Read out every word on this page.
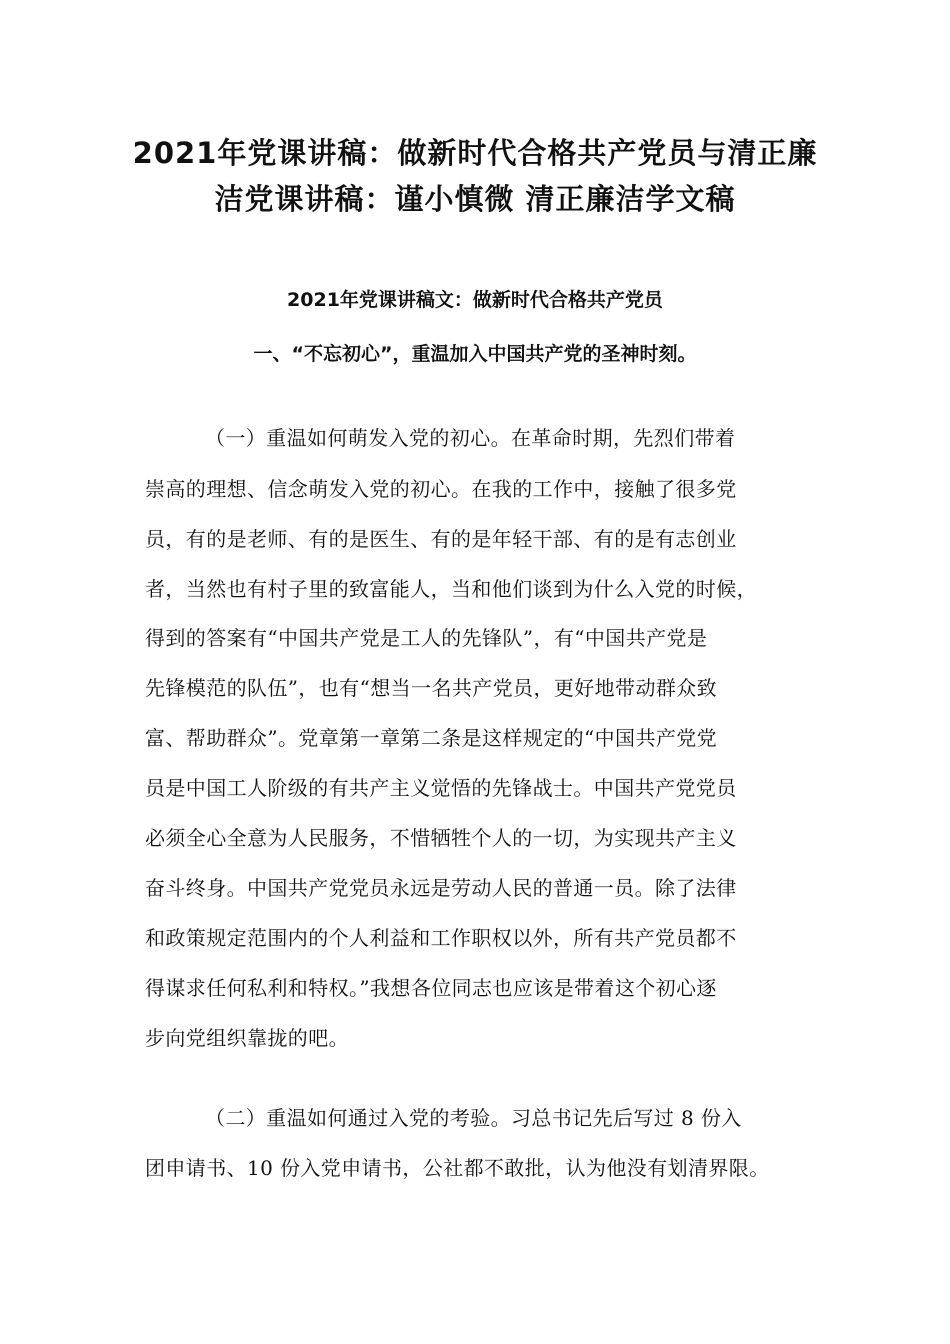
2021年党课讲稿：做新时代合格共产党员与清正廉
洁党课讲稿：谨小慎微 清正廉洁学文稿
2021年党课讲稿文：做新时代合格共产党员
一、“不忘初心”，重温加入中国共产党的圣神时刻。
（一）重温如何萌发入党的初心。在革命时期，先烈们带着
崇高的理想、信念萌发入党的初心。在我的工作中，接触了很多党
员，有的是老师、有的是医生、有的是年轻干部、有的是有志创业
者，当然也有村子里的致富能人，当和他们谈到为什么入党的时候，
得到的答案有“中国共产党是工人的先锋队”，有“中国共产党是
先锋模范的队伍”，也有“想当一名共产党员，更好地带动群众致
富、帮助群众”。党章第一章第二条是这样规定的“中国共产党党
员是中国工人阶级的有共产主义觉悟的先锋战士。中国共产党党员
必须全心全意为人民服务，不惜牺牲个人的一切，为实现共产主义
奋斗终身。中国共产党党员永远是劳动人民的普通一员。除了法律
和政策规定范围内的个人利益和工作职权以外，所有共产党员都不
得谋求任何私利和特权。”我想各位同志也应该是带着这个初心逐
步向党组织靠拢的吧。
（二）重温如何通过入党的考验。习总书记先后写过 8 份入
团申请书、10 份入党申请书，公社都不敢批，认为他没有划清界限。
